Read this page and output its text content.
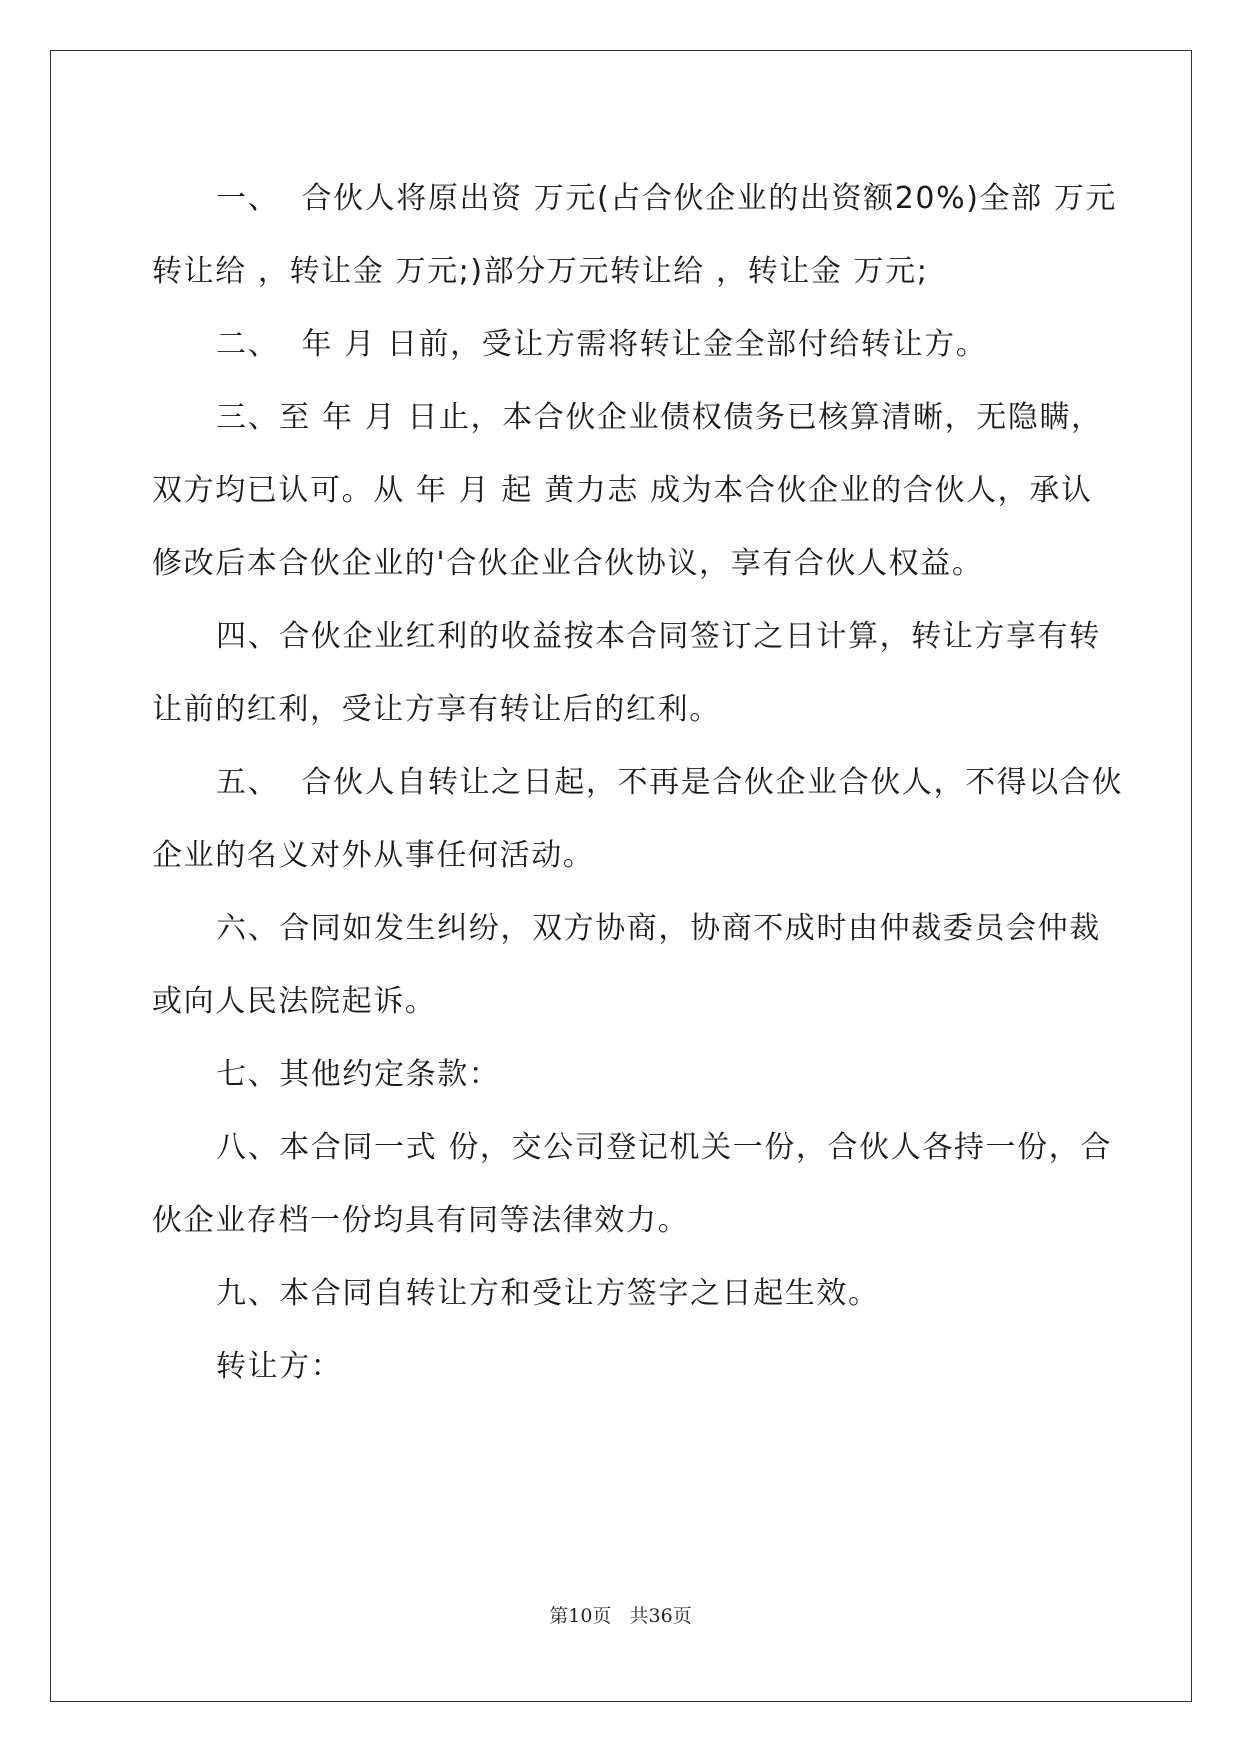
一、  合伙人将原出资 万元(占合伙企业的出资额20%)全部 万元
转让给 ，转让金 万元;)部分万元转让给 ，转让金 万元;
二、  年 月 日前，受让方需将转让金全部付给转让方。
三、至 年 月 日止，本合伙企业债权债务已核算清晰，无隐瞒，
双方均已认可。从 年 月 起 黄力志 成为本合伙企业的合伙人，承认
修改后本合伙企业的'合伙企业合伙协议，享有合伙人权益。
四、合伙企业红利的收益按本合同签订之日计算，转让方享有转
让前的红利，受让方享有转让后的红利。
五、  合伙人自转让之日起，不再是合伙企业合伙人，不得以合伙
企业的名义对外从事任何活动。
六、合同如发生纠纷，双方协商，协商不成时由仲裁委员会仲裁
或向人民法院起诉。
七、其他约定条款：
八、本合同一式 份，交公司登记机关一份，合伙人各持一份，合
伙企业存档一份均具有同等法律效力。
九、本合同自转让方和受让方签字之日起生效。
转让方：
第10页   共36页
